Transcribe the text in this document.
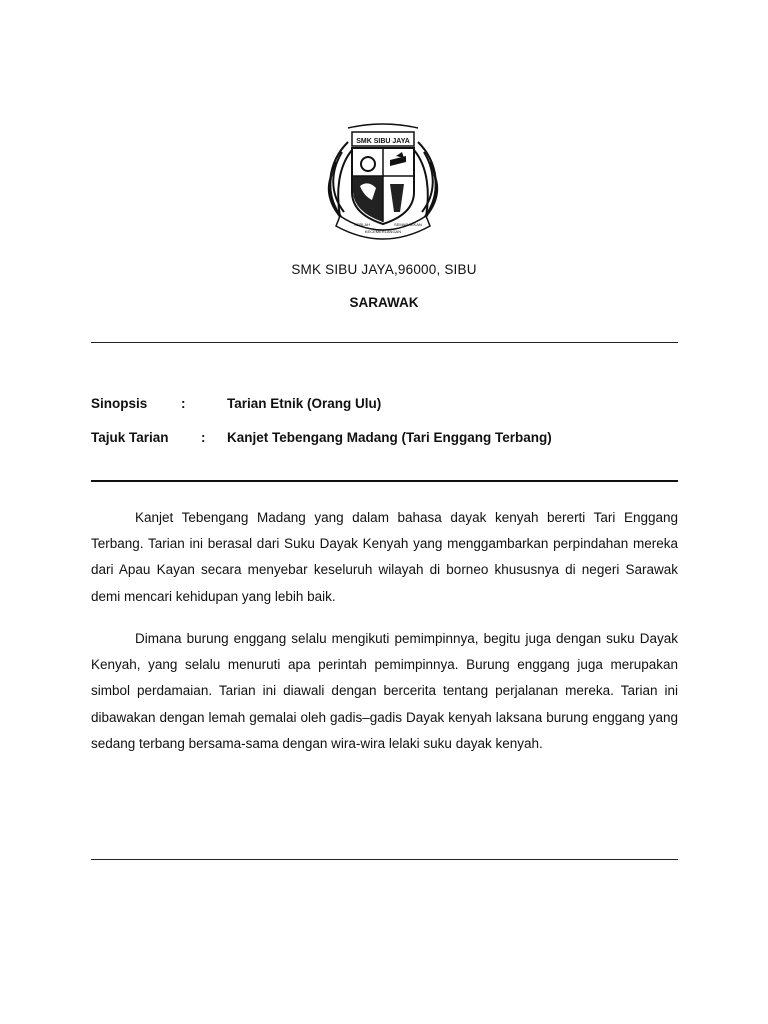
SMK SIBU JAYA
SERLAH	SEMARAKKAN
KECEMERLANGAN
SMK SIBU JAYA,96000, SIBU
SARAWAK
Sinopsis :	Tarian Etnik (Orang Ulu)
Tajuk Tarian : Kanjet Tebengang Madang (Tari Enggang Terbang)

Kanjet Tebengang Madang yang dalam bahasa dayak kenyah bererti Tari Enggang Terbang. Tarian ini berasal dari Suku Dayak Kenyah yang menggambarkan perpindahan mereka dari Apau Kayan secara menyebar keseluruh wilayah di borneo khususnya di negeri Sarawak demi mencari kehidupan yang lebih baik.

Dimana burung enggang selalu mengikuti pemimpinnya, begitu juga dengan suku Dayak Kenyah, yang selalu menuruti apa perintah pemimpinnya. Burung enggang juga merupakan simbol perdamaian. Tarian ini diawali dengan bercerita tentang perjalanan mereka. Tarian ini dibawakan dengan lemah gemalai oleh gadis–gadis Dayak kenyah laksana burung enggang yang sedang terbang bersama-sama dengan wira-wira lelaki suku dayak kenyah.
